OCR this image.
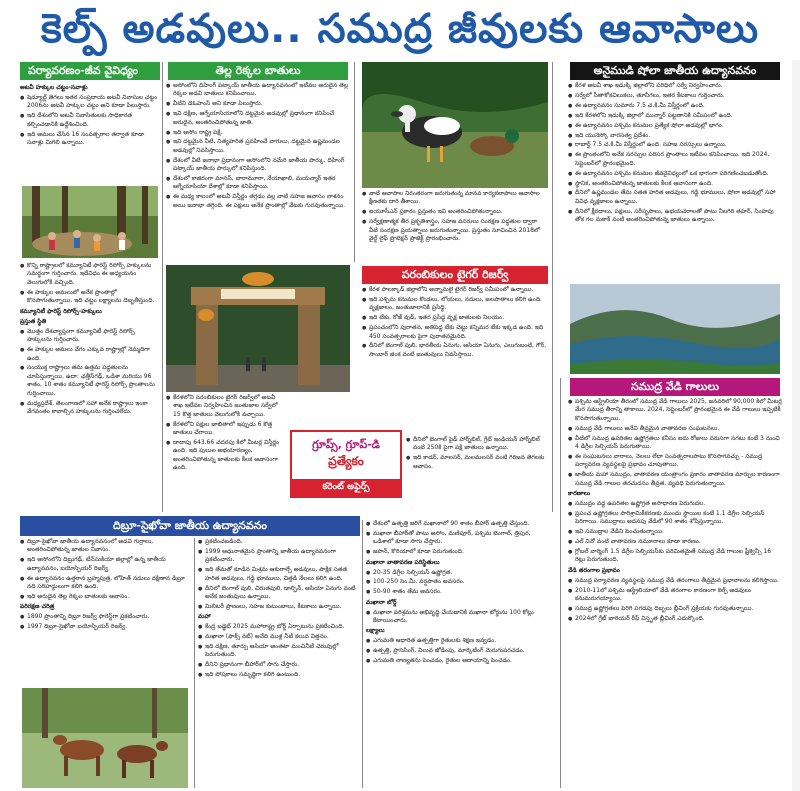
కెల్ప్ అడవులు.. సముద్ర జీవులకు ఆవాసాలు
పర్యావరణం-జీవ వైవిధ్యం

అటవీ హక్కుల చట్టం-సవాళ్లు

● షెడ్యూల్డ్ తెగలు ఇతర సంప్రదాయ అటవీ నివాసుల చట్టం 2006ను అటవీ హక్కుల చట్టం అని కూడా పిలుస్తారు.

● ఇది దేశంలోని అటవీ నివాసితులకు సాధికారత కల్పించడానికి ఉద్దేశించింది.

● ఇది అమలు చేసిన 16 సంవత్సరాల తర్వాత కూడా సవాళ్లు మిగిలి ఉన్నాయి.

● కొన్ని రాష్ట్రాలలో కమ్యూనిటీ ఫారెస్ట్ రిసోర్స్ హక్కులను సమర్థంగా గుర్తించారు. ఇదేవిధం ఈ అధ్యయనం వెలుగులోకి వచ్చింది.

● ఈ హక్కుల అమలులో అనేక ప్రాంతాల్లో కొనసాగుతున్నాయి. ఇది చట్టం లక్ష్యాలను దెబ్బతీస్తుంది.

కమ్యూనిటీ ఫారెస్ట్ రిసోర్స్-హక్కులు

ప్రస్తుత స్థితి

● మొత్తం దేశవ్యాప్తంగా కమ్యూనిటీ ఫారెస్ట్ రిసోర్స్ హక్కులను గుర్తించారు.

● ఈ హక్కుల అమలు వేగం ఎక్కువ రాష్ట్రాల్లో నెమ్మదిగా ఉంది.

● సంయుక్త రాష్ట్రాలు తమ ఉత్తమ పద్ధతులను చూపిస్తున్నాయి. ఉదా: ఛత్తీస్‌గఢ్, ఒడిశా మరియు 96 శాతం, 10 శాతం కమ్యూనిటీ ఫారెస్ట్ రిసోర్స్ ప్రాంతాలను గుర్తించాయి.

● మధ్యప్రదేశ్, తెలంగాణలో సహా అనేక రాష్ట్రాలు ఇంకా వేగవంతం కావాల్సిన హక్కులను గుర్తించలేదు.

తెల్ల రెక్కల బాతులు

● అసోంలోని దిహింగ్ పట్కాయ్ జాతీయ ఉద్యానవనంలో ఇటీవల అరుదైన తెల్ల రెక్కల అడవి బాతులు కనిపించాయి.

● వీటిని డెఓహంస్ అని కూడా పిలుస్తారు.

● ఇవి దక్షిణ, ఆగ్నేయాసియాలోని దట్టమైన అడవుల్లో ప్రధానంగా కనిపించే అరుదైన, అంతరించిపోతున్న జాతి.

● ఇది అసోం రాష్ట్ర పక్షి.

● ఇవి దట్టమైన నీటి, నిత్యహరిత ప్రవహించే వాగులు, దట్టమైన ఉష్ణమండల అడవుల్లో నివసిస్తాయి.

● దేశంలో వీటి జనాభా ప్రధానంగా అసోంలోని నమేరి జాతీయ పార్కు, దిహింగ్ పట్కాయ్ జాతీయ పార్కులో కనిపిస్తుంది.

● దేశంలో కాజిరంగా మానస్, బారామూరా, నేయాఖాలి, మయన్మార్ ఇతర ఆగ్నేయాసియా దేశాల్లో కూడా కనిపిస్తాయి.

● ఈ మధ్య కాలంలో అటవీ విస్తీర్ణం తగ్గడం వల్ల వాటి సహజ ఆవాసం నాశనం అయి జనాభా తగ్గింది. ఈ పక్షులు అనేక ప్రాంతాల్లో వేటకు గురవుతున్నాయి.

● వాటి ఆవాసాల నిరంతరంగా జరుగుతున్న మానవ కార్యకలాపాలు ఆవాసాల క్షీణతకు దారి తీశాయి.

● ఐయూసీఎన్ ప్రకారం ప్రస్తుతం ఇవి అంతరించిపోతున్నాయి.

● సర్వేక్షణాత్మక తీర ప్రకృతిశాస్త్రం, సహజ వనరులు సంరక్షణ పద్ధతుల ద్వారా వీటి సంరక్షణ ప్రయత్నాలు జరుగుతున్నాయి. ప్రస్తుతం సూచించిన 2018లో వైల్డ్ లైఫ్ ప్రొటెక్షన్ ప్రాజెక్ట్ ప్రారంభించారు.

● కేరళలోని పరంబికులం టైగర్ రిజర్వ్‌లో అటవీ శాఖ ఇటీవల నిర్వహించిన జంతుజాల సర్వేలో 15 కొత్త జాతులు వెలుగులోకి వచ్చాయి.

● కేరళలోని పక్షుల జాబితాలో ఇప్పుడు 6 కొత్త జాతులు చేరాయి.

● దాదాపు 643.66 చదరపు కిలో మీటర్ల విస్తీర్ణం ఉంది. ఇది పులుల అభయారణ్యం, అంతరించిపోతున్న జాతులకు కీలక ఆవాసంగా ఉంది.

పరంబికులం టైగర్ రిజర్వ్

● కేరళ పాలక్కాడ్ జిల్లాలోని అన్నామలై టైగర్ రిజర్వ్ సమీపంలో ఉన్నాయి.

● ఇది పశ్చిమ కనుమల కొండలు, లోయలు, నదులు, జలపాతాలు కలిగి ఉంది. వృక్షజాలం, జంతుజాలానికి ప్రసిద్ధి.

● ఇది టేకు, రోజ్ వుడ్, ఇతర ప్రసిద్ధ వృక్ష జాతులకు నిలయం.

● ప్రపంచంలోని పురాతన, అతిపెద్ద టేకు చెట్టు కన్నిమర టేకు ఇక్కడ ఉంది. ఇది 450 సంవత్సరాలకు పైగా పురాతనమైనది.

● దీనిలో బెంగాల్ పులి, భారతీయ ఏనుగు, ఆసియా ఏనుగు, ఎలుగుబంటి, గౌర్, సాంబార్ జింక వంటి జంతువులు నివసిస్తాయి.

గ్రూప్స్, గ్రూప్-డి
ప్రత్యేకం
కరెంట్ అఫైర్స్

● దీనిలో బెంగాల్ పైడ్ హార్న్‌బిల్, గ్రేట్ ఇండియన్ హార్న్‌బిల్ వంటి 250కి పైగా పక్షి జాతులు ఉన్నాయి.

● ఇది కాడర్, మాలసర్, మలమలసర్ వంటి గిరిజన తెగలకు ఆవాసం.

అనైముడి షోలా జాతీయ ఉద్యానవనం

● కేరళ అటవీ శాఖ ఇడుక్కి జిల్లాలోని పరిధిలో సర్వే నిర్వహించారు.

● సర్వేలో సీతాకోకచిలుకలు, తూనీగలు, ఇతర కీటకాలు గుర్తించారు.

● ఈ ఉద్యానవనం సుమారు 7.5 చ.కి.మీ విస్తీర్ణంలో ఉంది.

● ఇది కేరళలోని ఇడుక్కి జిల్లాలో మున్నార్ పట్టణానికి సమీపంలో ఉంది.

● ఈ ఉద్యానవనం పశ్చిమ కనుమల ప్రత్యేక షోలా అడవుల్లో భాగం.

● ఇది యునెస్కో వారసత్వ ప్రదేశం.

● రాబార్ట్ 7.5 చ.కి.మీ విస్తీర్ణంలో ఉంది. సహజ సరస్సులు ఉన్నాయి.

● ఈ ప్రాంతంలోని అనేక సరస్సుల పరిసర ప్రాంతాలు ఇటీవల కనిపించాయి. ఇది 2024, సెప్టెంబర్‌లో ప్రారంభమైంది.

● ఈ ఉద్యానవనం పశ్చిమ కనుమల జీవవైవిధ్యంలో ఒక భాగంగా పరిగణించబడుతోంది.

● స్థానిక, అంతరించిపోతున్న జాతులకు కీలక ఆవాసంగా ఉంది.

● దీనిలో ఉష్ణమండల తేమ సతత హరిత అడవులు, గడ్డి భూములు, షోలా అడవుల్లో సహా వివిధ వృక్షజాలం ఉన్నాయి.

● దీనిలో క్షీరదాలు, పక్షులు, సరీసృపాలు, ఉభయచరాలతో పాటు నీలగిరి తహర్, సింహపు తోక గల మకాక్ వంటి అంతరించిపోతున్న జాతులు ఉన్నాయి.

సముద్ర వేడి గాలులు

● పశ్చిమ ఆస్ట్రేలియా తీరంలో సముద్ర వేడి గాలులు 2025, జనవరిలో 90,000 కిలో మీటర్ల మేర సముద్ర తీరాన్ని తాకాయి. 2024, సెప్టెంబర్‌లో ప్రారంభమైన ఈ వేడి గాలులు ఇప్పటికీ కొనసాగుతున్నాయి.

● సముద్ర వేడి గాలులు అనేవి తీవ్రమైన వాతావరణ సంఘటనలు.

● వీటిలో సముద్ర ఉపరితల ఉష్ణోగ్రతలు కనీసం ఐదు రోజులు వరుసగా సగటు కంటే 3 నుంచి 4 డిగ్రీల సెల్సియస్ పెరుగుతాయి.

● ఈ సంఘటనలు వారాలు, నెలలు లేదా సంవత్సరాలపాటు కొనసాగవచ్చు - సముద్ర పర్యావరణ వ్యవస్థలపై ప్రభావం చూపుతాయి.

● జాతీయ మహా సముద్రం, వాతావరణ యంత్రాంగం ప్రకారం వాతావరణ మార్పుల కారణంగా సముద్ర వేడి గాలుల తరచుదనం తీవ్రత, వ్యవధి పెరుగుతున్నాయి.

కారణాలు

● సముద్రం వద్ద ఉపరితల ఉష్ణోగ్రత అసాధారణ పెరుగుదల.

● ప్రపంచ ఉష్ణోగ్రతలు పారిశ్రామికీకరణకు ముందు స్థాయిల కంటే 1.1 డిగ్రీల సెల్సియస్ పెరిగాయి. సముద్రాలు అదనపు వేడిలో 90 శాతం శోషిస్తున్నాయి.

● ఇవి సముద్రాల వేడిని పెంచుతున్నాయి.

● ఎల్ నినో వంటి వాతావరణ నమూనాలు కూడా కారణం.

● గ్లోబల్ వార్మింగ్ 1.5 డిగ్రీల సెల్సియస్‌కు పరిమితమైతే సముద్ర వేడి గాలుల ఫ్రీక్వెన్సీ 16 రెట్లు పెరుగుతుంది.

వేడి తరంగాల ప్రభావం

● సముద్ర పర్యావరణ వ్యవస్థలపై సముద్ర వేడి తరంగాలు తీవ్రమైన ప్రభావాలను కలిగిస్తాయి.

● 2010-11లో పశ్చిమ ఆస్ట్రేలియాలో వేడి తరంగాల కారణంగా కెల్ప్ అడవులు కనుమరుగయ్యాయి.

● సముద్ర ఉష్ణోగ్రతలు పెరిగి పగడపు దిబ్బలు బ్లీచింగ్ ప్రక్రియకు గురవుతున్నాయి.

● 2024లో గ్రేట్ బారియర్ రీఫ్ విస్తృత బ్లీచింగ్ ఎదుర్కొంది.

దిబ్రూ-సైఖోవా జాతీయ ఉద్యానవనం

● దిబ్రూ-సైఖోవా జాతీయ ఉద్యానవనంలో అడవి గుర్రాలు, అంతరించిపోతున్న జాతుల నివాసం.

● ఇది అసోంలోని దిబ్రుగఢ్, టిన్‌సుకియా జిల్లాల్లో ఉన్న జాతీయ ఉద్యానవనం, బయోస్ఫియర్ రిజర్వ్.

● ఈ ఉద్యానవనం ఉత్తరాన బ్రహ్మపుత్ర, లోహిత్ నదులు దక్షిణాన డిబ్రూ నది సరిహద్దులుగా కలిగి ఉంది.

● ఇది అరుదైన తెల్ల రెక్కల బాతులకు ఆవాసం.

పరిరక్షణ చరిత్ర

● 1890 ప్రాంతాన్ని దిబ్రూ రిజర్వ్ ఫారెస్ట్‌గా ప్రకటించారు.

● 1997 దిబ్రూ-సైఖోవా బయోస్ఫియర్ రిజర్వ్.

● ప్రకటించబడింది.

● 1999 ఆధునాతమైన ప్రాంతాన్ని జాతీయ ఉద్యానవనంగా ప్రకటించారు.

● ఇది తేమతో కూడిన మిశ్రమ ఆకురాల్చే అడవులు, పాక్షిక సతత హరిత అడవులు, గడ్డి భూములు, చిత్తడి నేలలు కలిగి ఉంది.

● దీనిలో బెంగాల్ పులి, చిరుతపులి, డాల్ఫిన్, ఆసియా ఏనుగు వంటి అనేక జంతువులు ఉన్నాయి.

● మిలిటరీ ప్రాణులు, సహజ కుటుంబాలు, కీటకాలు ఉన్నాయి.

మహా

● కేంద్ర బడ్జెట్ 2025 మహారాష్ట్ర బోర్డ్ ఏర్పాటును ప్రకటించింది.

● మఖానా (ఫాక్స్ నట్) అనేది ముళ్ల నీటి కలువ విత్తనం.

● ఇది దక్షిణ, తూర్పు ఆసియా అంతటా మంచినీటి చెరువుల్లో పెరుగుతుంది.

● దీనిని ప్రధానంగా బీహార్‌లో సాగు చేస్తారు.

● ఇది పోషకాలు సమృద్ధిగా కలిగి ఉంటుంది.

● దేశంలో ఉత్పత్తి జరిగే మఖానాలో 90 శాతం బీహార్ ఉత్పత్తి చేస్తుంది.

● మఖానా బీహార్‌తో పాటు అసోం, మణిపూర్, పశ్చిమ బెంగాల్, త్రిపుర, ఒడిశాలో కూడా సాగు చేస్తారు.

● జపాన్, కొరియాలో కూడా పెరుగుతుంది.

మఖానా వాతావరణ పరిస్థితులు

● 20-35 డిగ్రీల సెల్సియస్ ఉష్ణోగ్రత.

● 100-250 సెం.మీ. వర్షపాతం అవసరం.

● 50-90 శాతం తేమ అవసరం.

మఖానా బోర్డ్

● మఖానా పరిశ్రమను అభివృద్ధి చేయడానికి మఖానా బోర్డును 100 కోట్లు కేటాయించారు.

లక్ష్యాలు

● ఎగుమతి ఆధారిత ఉత్పత్తిగా రైతులకు శిక్షణ ఇవ్వడం.

● ఉత్పత్తి, ప్రాసెసింగ్, విలువ జోడింపు, మార్కెటింగ్ మెరుగుపరచడం.

● ఎగుమతి నాణ్యతను పెంచడం, రైతుల ఆదాయాన్ని పెంచడం.
